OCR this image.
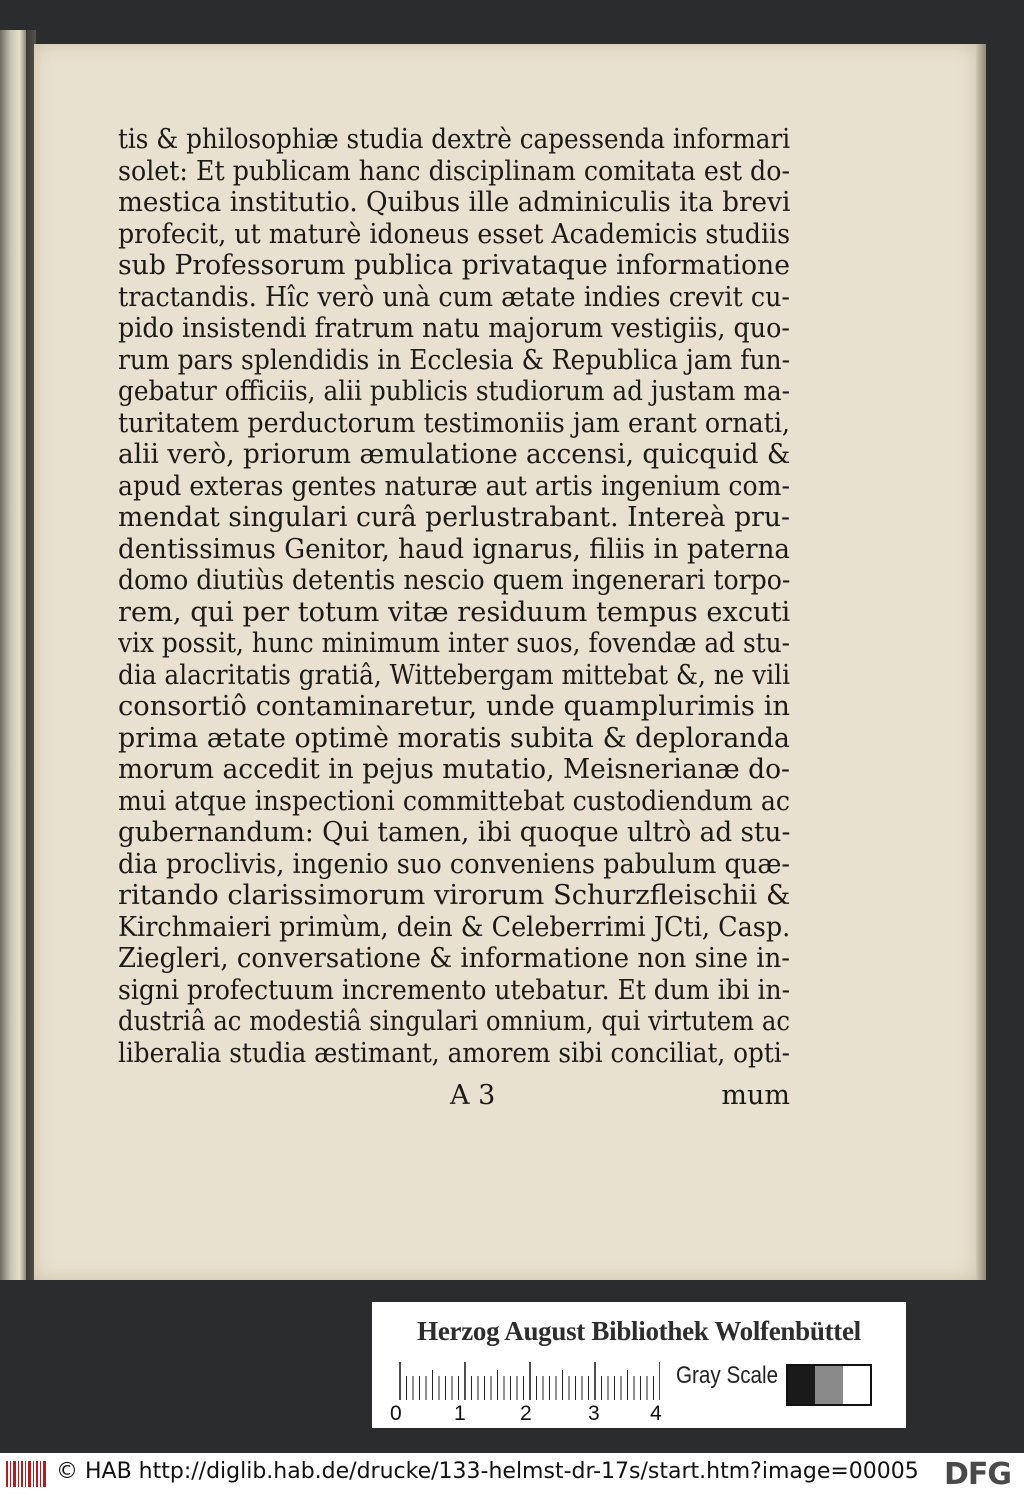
tis & philosophiæ studia dextrè capessenda informari
solet: Et publicam hanc disciplinam comitata est do-
mestica institutio. Quibus ille adminiculis ita brevi
profecit, ut maturè idoneus esset Academicis studiis
sub Professorum publica privataque informatione
tractandis. Hîc verò unà cum ætate indies crevit cu-
pido insistendi fratrum natu majorum vestigiis, quo-
rum pars splendidis in Ecclesia & Republica jam fun-
gebatur officiis, alii publicis studiorum ad justam ma-
turitatem perductorum testimoniis jam erant ornati,
alii verò, priorum æmulatione accensi, quicquid &
apud exteras gentes naturæ aut artis ingenium com-
mendat singulari curâ perlustrabant. Intereà pru-
dentissimus Genitor, haud ignarus, filiis in paterna
domo diutiùs detentis nescio quem ingenerari torpo-
rem, qui per totum vitæ residuum tempus excuti
vix possit, hunc minimum inter suos, fovendæ ad stu-
dia alacritatis gratiâ, Wittebergam mittebat &, ne vili
consortiô contaminaretur, unde quamplurimis in
prima ætate optimè moratis subita & deploranda
morum accedit in pejus mutatio, Meisnerianæ do-
mui atque inspectioni committebat custodiendum ac
gubernandum: Qui tamen, ibi quoque ultrò ad stu-
dia proclivis, ingenio suo conveniens pabulum quæ-
ritando clarissimorum virorum Schurzfleischii &
Kirchmaieri primùm, dein & Celeberrimi JCti, Casp.
Ziegleri, conversatione & informatione non sine in-
signi profectuum incremento utebatur. Et dum ibi in-
dustriâ ac modestiâ singulari omnium, qui virtutem ac
liberalia studia æstimant, amorem sibi conciliat, opti-
A 3	mum
Herzog August Bibliothek Wolfenbüttel
0 1	2	3 4
Gray Scale
© HAB http://diglib.hab.de/drucke/133-helmst-dr-17s/start.htm?image=00005 DFG
